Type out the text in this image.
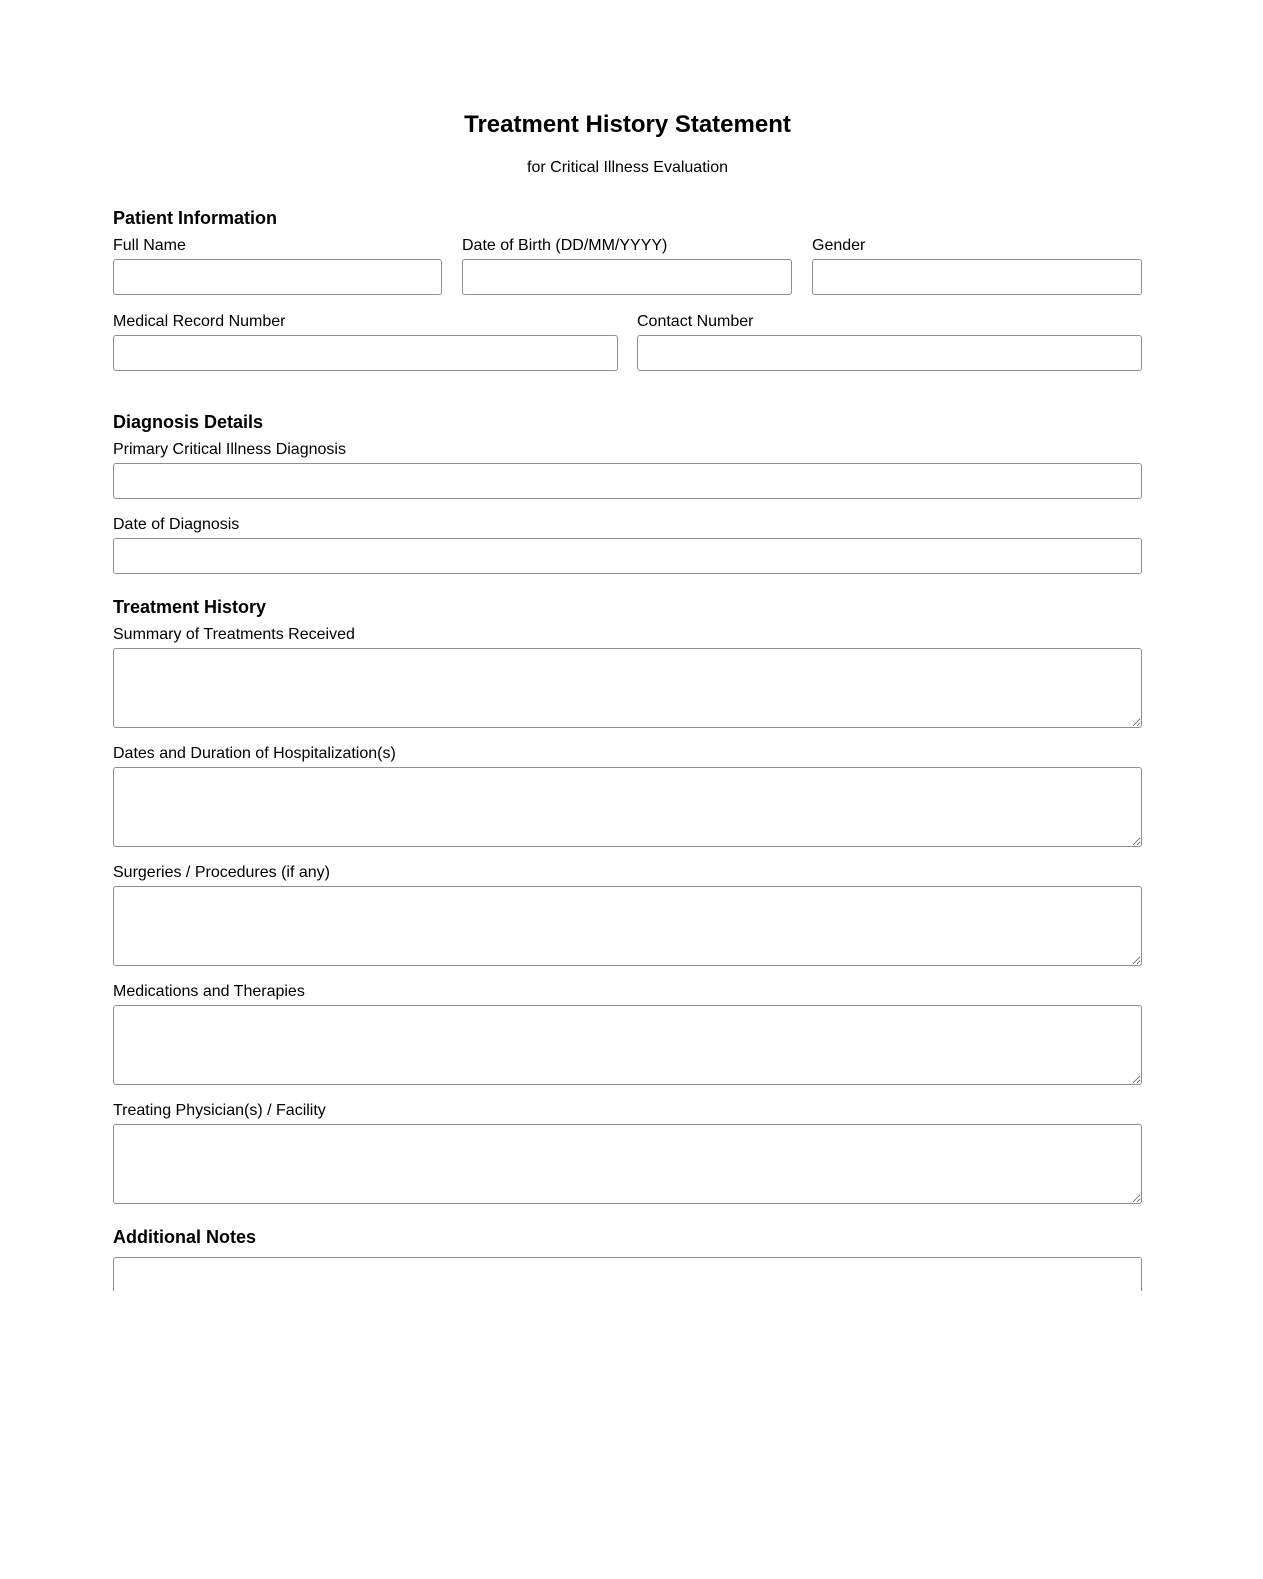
Treatment History Statement
for Critical Illness Evaluation
Patient Information
Full Name	Date of Birth (DD/MM/YYYY)	Gender
Medical Record Number	Contact Number
Diagnosis Details
Primary Critical Illness Diagnosis
Date of Diagnosis
Treatment History
Summary of Treatments Received
Dates and Duration of Hospitalization(s)
Surgeries / Procedures (if any)
Medications and Therapies
Treating Physician(s) / Facility
Additional Notes
